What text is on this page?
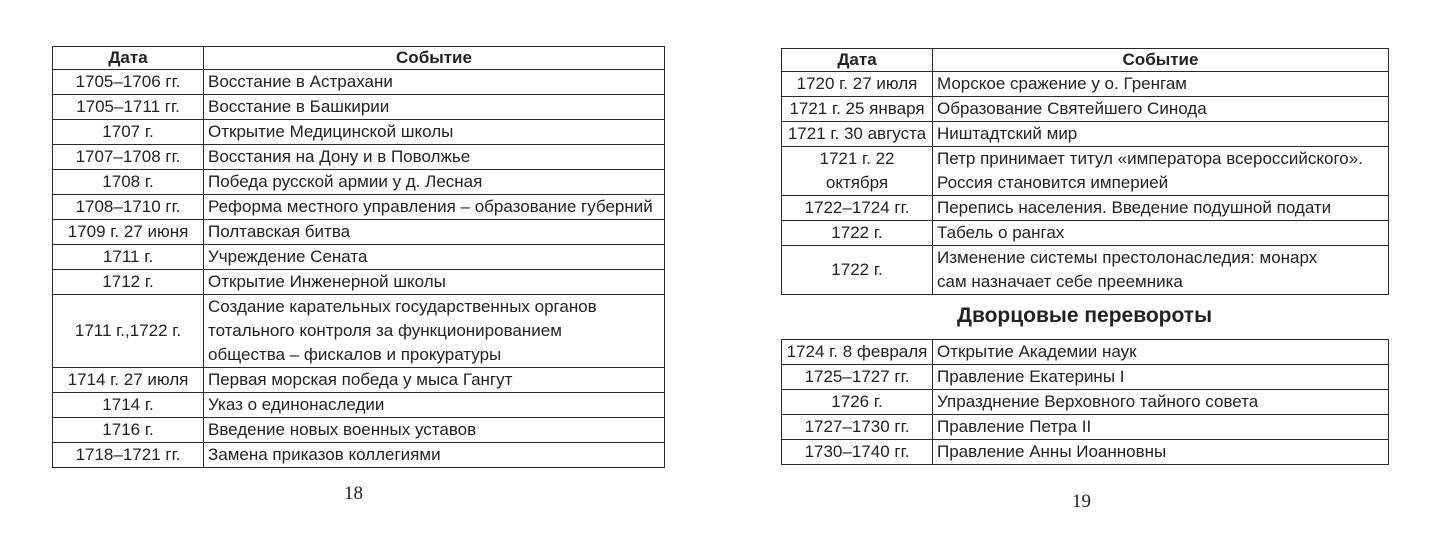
Дата	Событие
1705–1706 гг.	Восстание в Астрахани
1705–1711 гг.	Восстание в Башкирии
1707 г.	Открытие Медицинской школы
1707–1708 гг.	Восстания на Дону и в Поволжье
1708 г.	Победа русской армии у д. Лесная
1708–1710 гг.	Реформа местного управления – образование губерний
1709 г. 27 июня	Полтавская битва
1711 г.	Учреждение Сената
1712 г.	Открытие Инженерной школы
1711 г.,1722 г.	Создание карательных государственных органов тотального контроля за функционированием общества – фискалов и прокуратуры
1714 г. 27 июля	Первая морская победа у мыса Гангут
1714 г.	Указ о единонаследии
1716 г.	Введение новых военных уставов
1718–1721 гг.	Замена приказов коллегиями
18
Дата	Событие
1720 г. 27 июля	Морское сражение у о. Гренгам
1721 г. 25 января	Образование Святейшего Синода
1721 г. 30 августа	Ништадтский мир
1721 г. 22 октября	Петр принимает титул «императора всероссийского». Россия становится империей
1722–1724 гг.	Перепись населения. Введение подушной подати
1722 г.	Табель о рангах
1722 г.	Изменение системы престолонаследия: монарх сам назначает себе преемника
Дворцовые перевороты
1724 г. 8 февраля	Открытие Академии наук
1725–1727 гг.	Правление Екатерины I
1726 г.	Упразднение Верховного тайного совета
1727–1730 гг.	Правление Петра II
1730–1740 гг.	Правление Анны Иоанновны
19
